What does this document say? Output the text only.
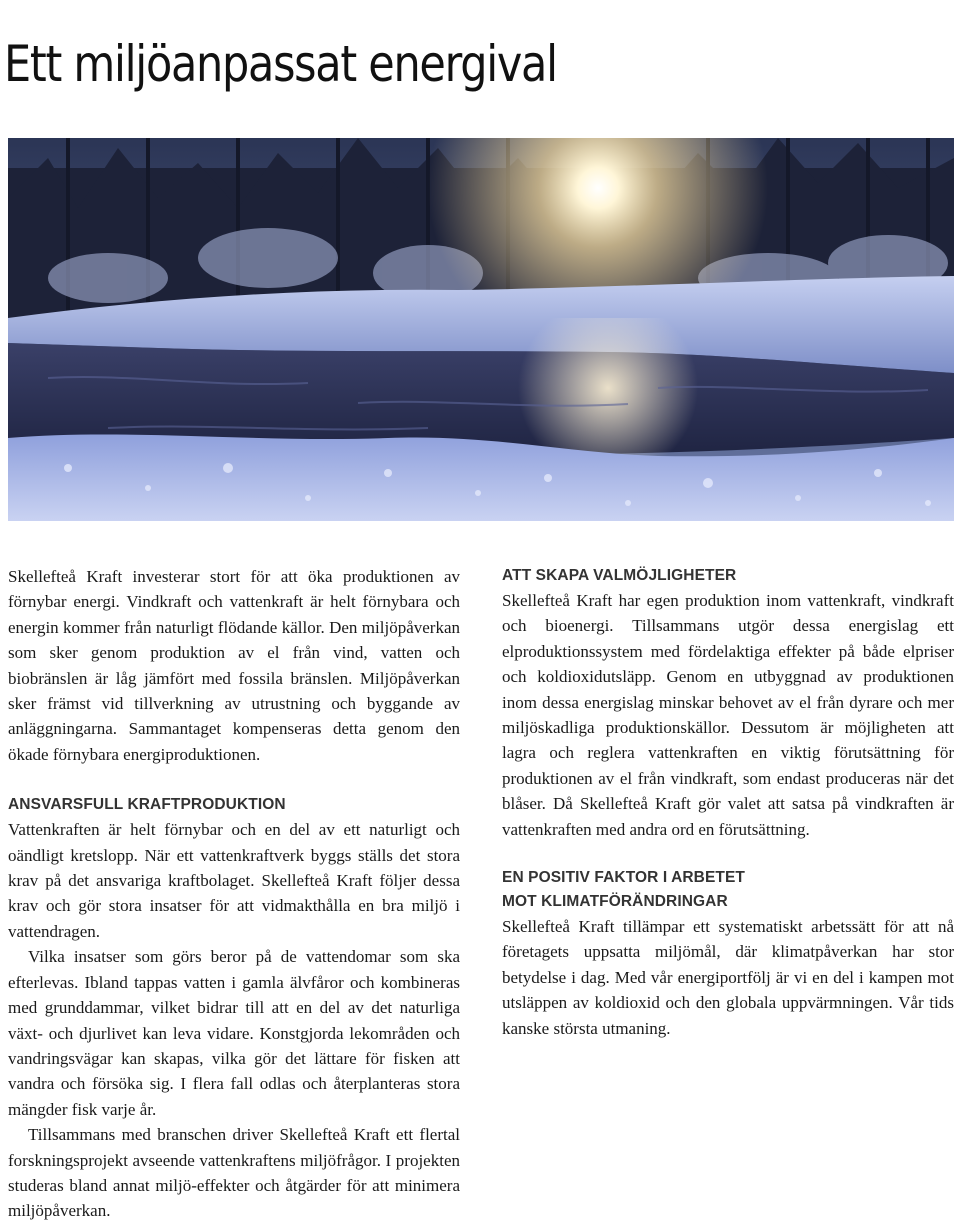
Ett miljöanpassat energival

Skellefteå Kraft investerar stort för att öka produktionen av förnybar energi. Vindkraft och vattenkraft är helt förnybara och energin kommer från naturligt flödande källor. Den miljöpåverkan som sker genom produktion av el från vind, vatten och biobränslen är låg jämfört med fossila bränslen. Miljöpåverkan sker främst vid tillverkning av utrustning och byggande av anläggningarna. Sammantaget kompenseras detta genom den ökade förnybara energiproduktionen.

ANSVARSFULL KRAFTPRODUKTION

Vattenkraften är helt förnybar och en del av ett naturligt och oändligt kretslopp. När ett vattenkraftverk byggs ställs det stora krav på det ansvariga kraftbolaget. Skellefteå Kraft följer dessa krav och gör stora insatser för att vidmakthålla en bra miljö i vattendragen.

Vilka insatser som görs beror på de vattendomar som ska efterlevas. Ibland tappas vatten i gamla älvfåror och kombineras med grunddammar, vilket bidrar till att en del av det naturliga växt- och djurlivet kan leva vidare. Konstgjorda lekområden och vandringsvägar kan skapas, vilka gör det lättare för fisken att vandra och försöka sig. I flera fall odlas och återplanteras stora mängder fisk varje år.

Tillsammans med branschen driver Skellefteå Kraft ett flertal forskningsprojekt avseende vattenkraftens miljöfrågor. I projekten studeras bland annat miljö-effekter och åtgärder för att minimera miljöpåverkan.

ATT SKAPA VALMÖJLIGHETER

Skellefteå Kraft har egen produktion inom vattenkraft, vindkraft och bioenergi. Tillsammans utgör dessa energislag ett elproduktionssystem med fördelaktiga effekter på både elpriser och koldioxidutsläpp. Genom en utbyggnad av produktionen inom dessa energislag minskar behovet av el från dyrare och mer miljöskadliga produktionskällor. Dessutom är möjligheten att lagra och reglera vattenkraften en viktig förutsättning för produktionen av el från vindkraft, som endast produceras när det blåser. Då Skellefteå Kraft gör valet att satsa på vindkraften är vattenkraften med andra ord en förutsättning.

EN POSITIV FAKTOR I ARBETET
MOT KLIMATFÖRÄNDRINGAR

Skellefteå Kraft tillämpar ett systematiskt arbetssätt för att nå företagets uppsatta miljömål, där klimatpåverkan har stor betydelse i dag. Med vår energiportfölj är vi en del i kampen mot utsläppen av koldioxid och den globala uppvärmningen. Vår tids kanske största utmaning.
